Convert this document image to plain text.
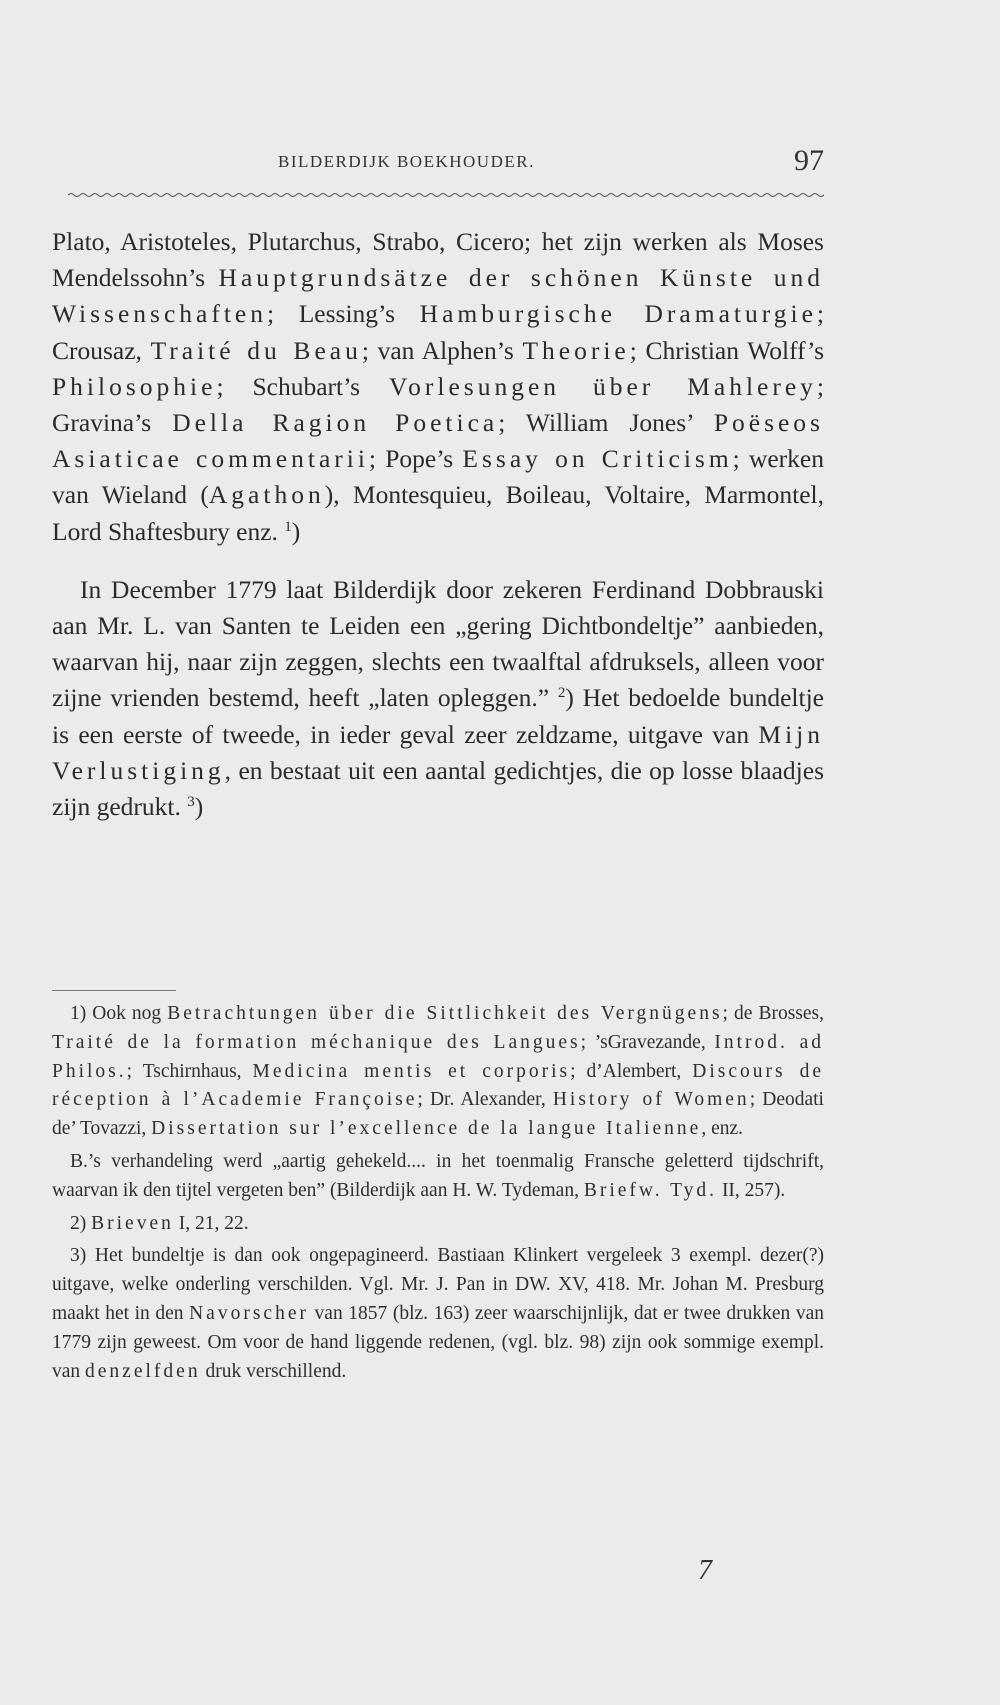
BILDERDIJK BOEKHOUDER.	97

Plato, Aristoteles, Plutarchus, Strabo, Cicero; het zijn werken als Moses Mendelssohn’s Hauptgrundsätze der schönen Künste und Wissenschaften; Lessing’s Hamburgische Dramaturgie; Crousaz, Traité du Beau; van Alphen’s Theorie; Christian Wolff’s Philosophie; Schubart’s Vorlesungen über Mahlerey; Gravina’s Della Ragion Poetica; William Jones’ Poëseos Asiaticae commentarii; Pope’s Essay on Criticism; werken van Wieland (Agathon), Montesquieu, Boileau, Voltaire, Marmontel, Lord Shaftesbury enz. $^1$)

In December 1779 laat Bilderdijk door zekeren Ferdinand Dobbrauski aan Mr. L. van Santen te Leiden een „gering Dichtbondeltje” aanbieden, waarvan hij, naar zijn zeggen, slechts een twaalftal afdruksels, alleen voor zijne vrienden bestemd, heeft „laten opleggen.” $^2$) Het bedoelde bundeltje is een eerste of tweede, in ieder geval zeer zeldzame, uitgave van Mijn Verlustiging, en bestaat uit een aantal gedichtjes, die op losse blaadjes zijn gedrukt. $^3$)

1) Ook nog Betrachtungen über die Sittlichkeit des Vergnügens; de Brosses, Traité de la formation méchanique des Langues; ’sGravezande, Introd. ad Philos.; Tschirnhaus, Medicina mentis et corporis; d’Alembert, Discours de réception à l’Academie Françoise; Dr. Alexander, History of Women; Deodati de’ Tovazzi, Dissertation sur l’excellence de la langue Italienne, enz.

B.’s verhandeling werd „aartig gehekeld.... in het toenmalig Fransche geletterd tijdschrift, waarvan ik den tijtel vergeten ben” (Bilderdijk aan H. W. Tydeman, Briefw. Tyd. II, 257).

2) Brieven I, 21, 22.

3) Het bundeltje is dan ook ongepagineerd. Bastiaan Klinkert vergeleek 3 exempl. dezer(?) uitgave, welke onderling verschilden. Vgl. Mr. J. Pan in DW. XV, 418. Mr. Johan M. Presburg maakt het in den Navorscher van 1857 (blz. 163) zeer waarschijnlijk, dat er twee drukken van 1779 zijn geweest. Om voor de hand liggende redenen, (vgl. blz. 98) zijn ook sommige exempl. van denzelfden druk verschillend.

7
